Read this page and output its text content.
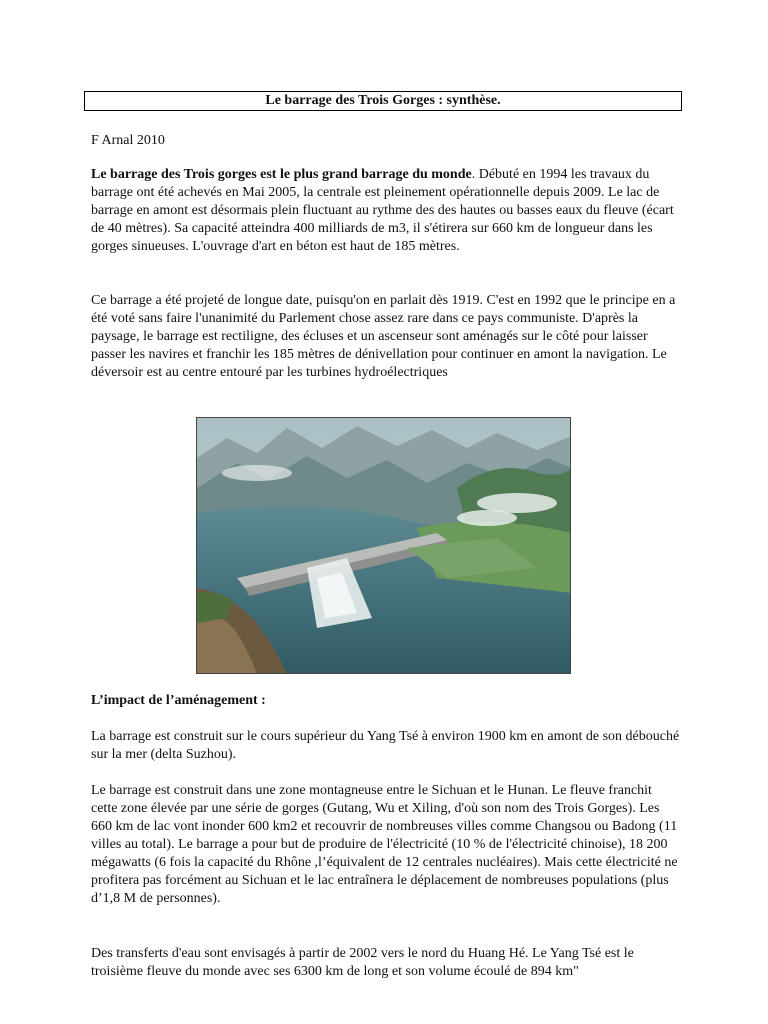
Le barrage des Trois Gorges : synthèse.
F Arnal 2010

Le barrage des Trois gorges est le plus grand barrage du monde. Débuté en 1994 les travaux du barrage ont été achevés en Mai 2005, la centrale est pleinement opérationnelle depuis 2009. Le lac de barrage en amont est désormais plein fluctuant au rythme des des hautes ou basses eaux du fleuve (écart de 40 mètres). Sa capacité atteindra 400 milliards de m3, il s'étirera sur 660 km de longueur dans les gorges sinueuses. L'ouvrage d'art en béton est haut de 185 mètres.

Ce barrage a été projeté de longue date, puisqu'on en parlait dès 1919. C'est en 1992 que le principe en a été voté sans faire l'unanimité du Parlement chose assez rare dans ce pays communiste. D'après la paysage, le barrage est rectiligne, des écluses et un ascenseur sont aménagés sur le côté pour laisser passer les navires et franchir les 185 mètres de dénivellation pour continuer en amont la navigation. Le déversoir est au centre entouré par les turbines hydroélectriques
L’impact de l’aménagement :
La barrage est construit sur le cours supérieur du Yang Tsé à environ 1900 km en amont de son débouché sur la mer (delta Suzhou).
Le barrage est construit dans une zone montagneuse entre le Sichuan et le Hunan. Le fleuve franchit cette zone élevée par une série de gorges (Gutang, Wu et Xiling, d'où son nom des Trois Gorges). Les 660 km de lac vont inonder 600 km2 et recouvrir de nombreuses villes comme Changsou ou Badong (11 villes au total). Le barrage a pour but de produire de l'électricité (10 % de l'électricité chinoise), 18 200 mégawatts (6 fois la capacité du Rhône ,l’équivalent de 12 centrales nucléaires). Mais cette électricité ne profitera pas forcément au Sichuan et le lac entraînera le déplacement de nombreuses populations (plus d’1,8 M de personnes).
Des transferts d'eau sont envisagés à partir de 2002 vers le nord du Huang Hé. Le Yang Tsé est le troisième fleuve du monde avec ses 6300 km de long et son volume écoulé de 894 km"
